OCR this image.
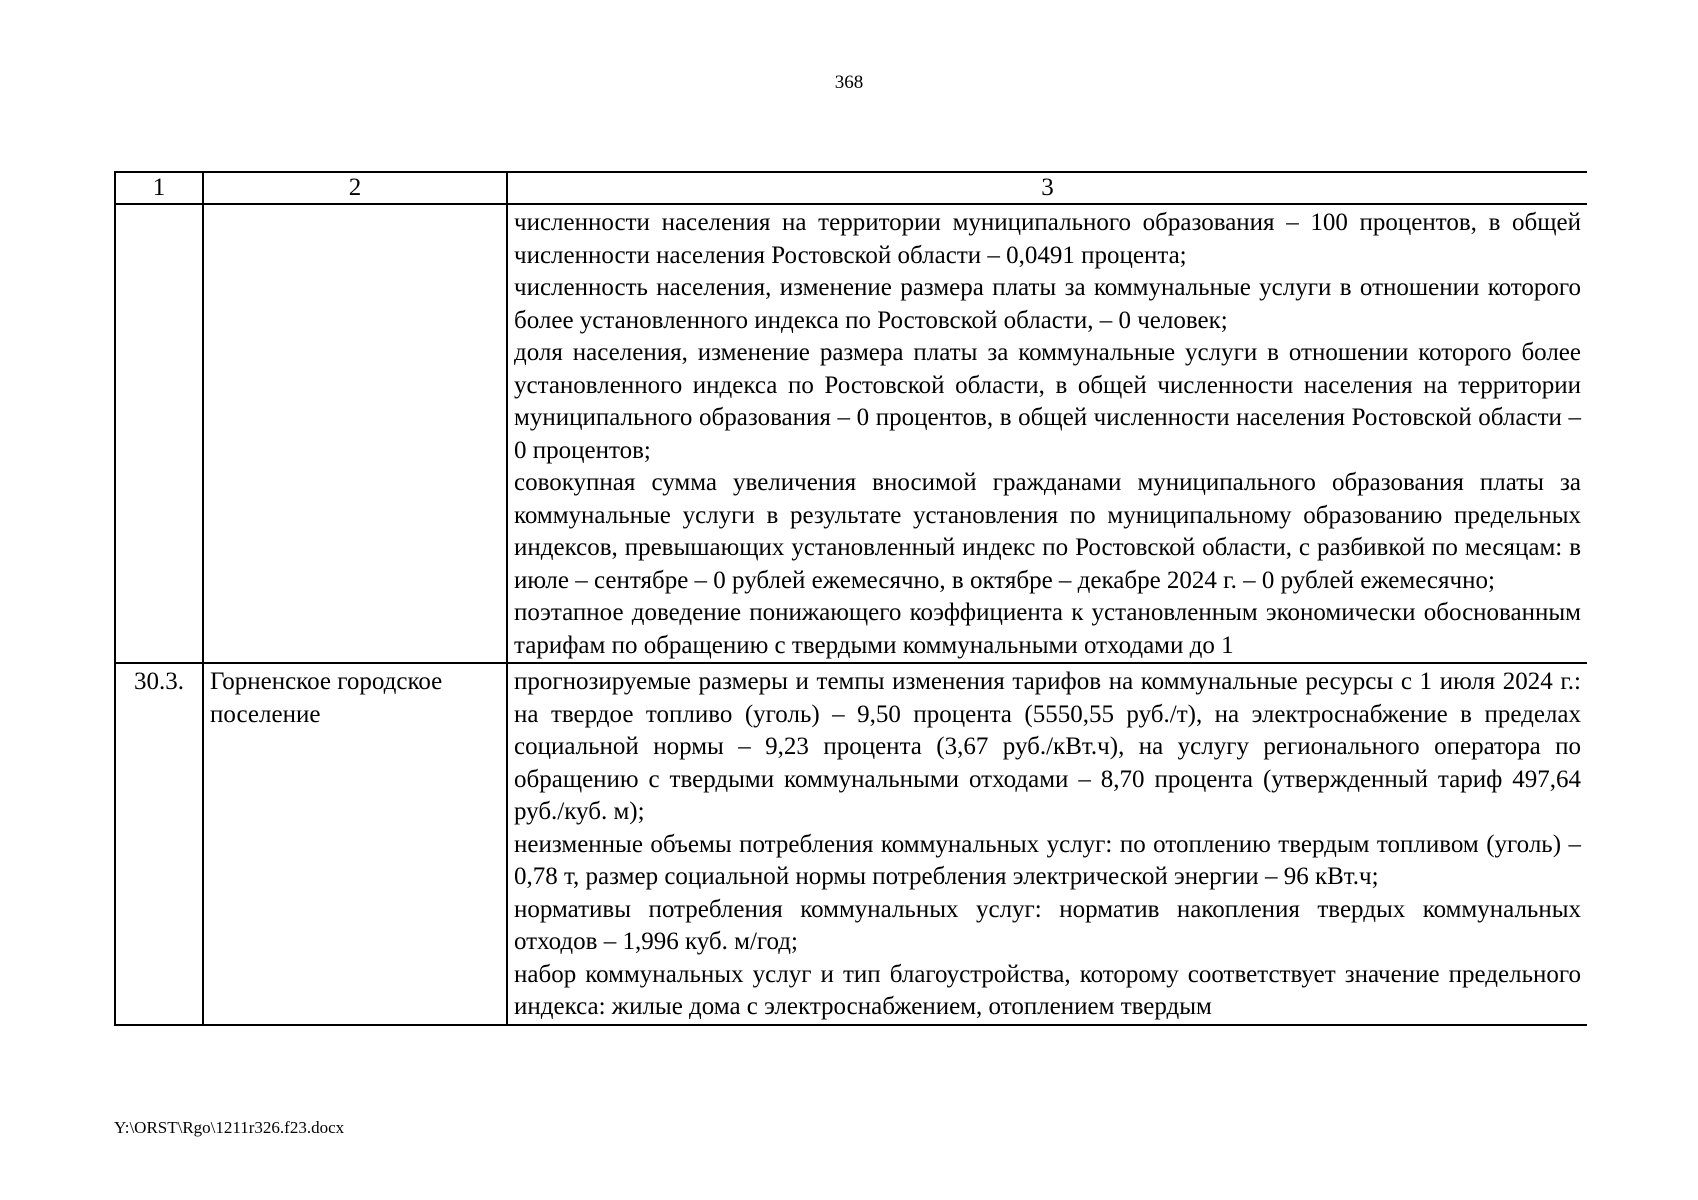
368
1	2	3

		численности населения на территории муниципального образования – 100 процентов, в общей численности населения Ростовской области – 0,0491 процента;

численность населения, изменение размера платы за коммунальные услуги в отношении которого более установленного индекса по Ростовской области, – 0 человек;

доля населения, изменение размера платы за коммунальные услуги в отношении которого более установленного индекса по Ростовской области, в общей численности населения на территории муниципального образования – 0 процентов, в общей численности населения Ростовской области – 0 процентов;

совокупная сумма увеличения вносимой гражданами муниципального образования платы за коммунальные услуги в результате установления по муниципальному образованию предельных индексов, превышающих установленный индекс по Ростовской области, с разбивкой по месяцам: в июле – сентябре – 0 рублей ежемесячно, в октябре – декабре 2024 г. – 0 рублей ежемесячно;

поэтапное доведение понижающего коэффициента к установленным экономически обоснованным тарифам по обращению с твердыми коммунальными отходами до 1

30.3.	Горненское городское поселение	прогнозируемые размеры и темпы изменения тарифов на коммунальные ресурсы с 1 июля 2024 г.: на твердое топливо (уголь) – 9,50 процента (5550,55 руб./т), на электроснабжение в пределах социальной нормы – 9,23 процента (3,67 руб./кВт.ч), на услугу регионального оператора по обращению с твердыми коммунальными отходами – 8,70 процента (утвержденный тариф 497,64 руб./куб. м);

неизменные объемы потребления коммунальных услуг: по отоплению твердым топливом (уголь) – 0,78 т, размер социальной нормы потребления электрической энергии – 96 кВт.ч;

нормативы потребления коммунальных услуг: норматив накопления твердых коммунальных отходов – 1,996 куб. м/год;

набор коммунальных услуг и тип благоустройства, которому соответствует значение предельного индекса: жилые дома с электроснабжением, отоплением твердым

Y:\ORST\Rgo\1211r326.f23.docx
